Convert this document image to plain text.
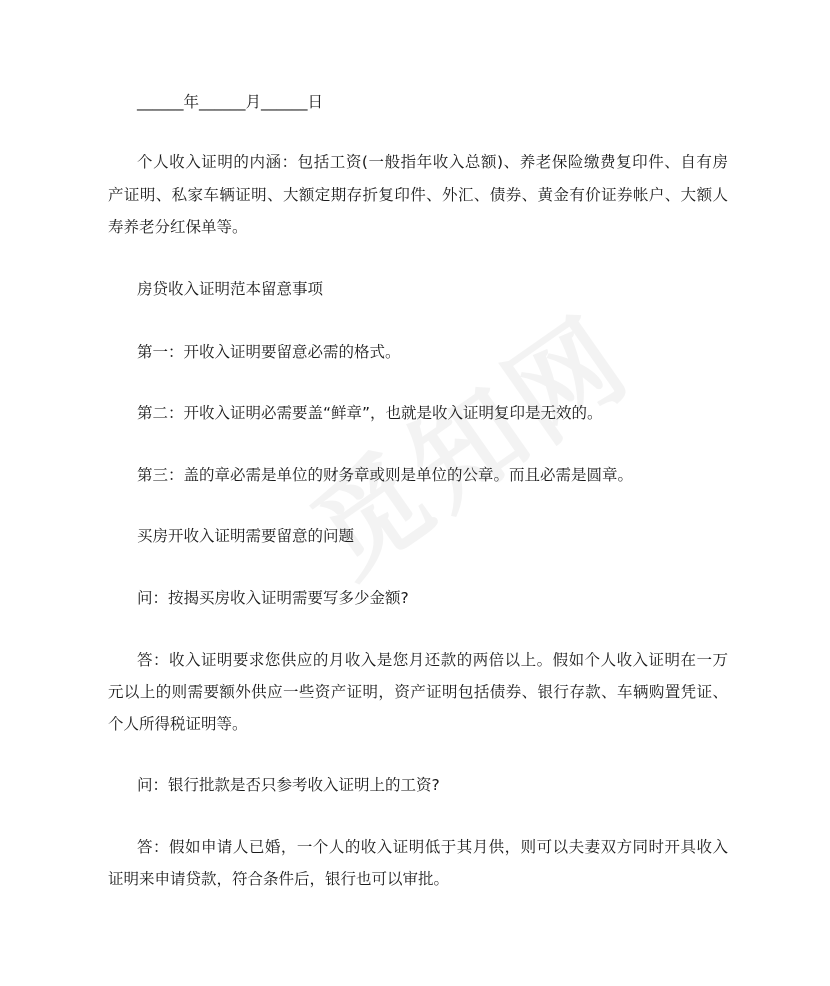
______年______月______日
个人收入证明的内涵：包括工资(一般指年收入总额)、养老保险缴费复印件、自有房
产证明、私家车辆证明、大额定期存折复印件、外汇、债券、黄金有价证券帐户、大额人
寿养老分红保单等。
房贷收入证明范本留意事项
第一：开收入证明要留意必需的格式。
第二：开收入证明必需要盖“鲜章”，也就是收入证明复印是无效的。
第三：盖的章必需是单位的财务章或则是单位的公章。而且必需是圆章。
买房开收入证明需要留意的问题
问：按揭买房收入证明需要写多少金额?
答：收入证明要求您供应的月收入是您月还款的两倍以上。假如个人收入证明在一万
元以上的则需要额外供应一些资产证明，资产证明包括债券、银行存款、车辆购置凭证、
个人所得税证明等。
问：银行批款是否只参考收入证明上的工资?
答：假如申请人已婚，一个人的收入证明低于其月供，则可以夫妻双方同时开具收入
证明来申请贷款，符合条件后，银行也可以审批。
